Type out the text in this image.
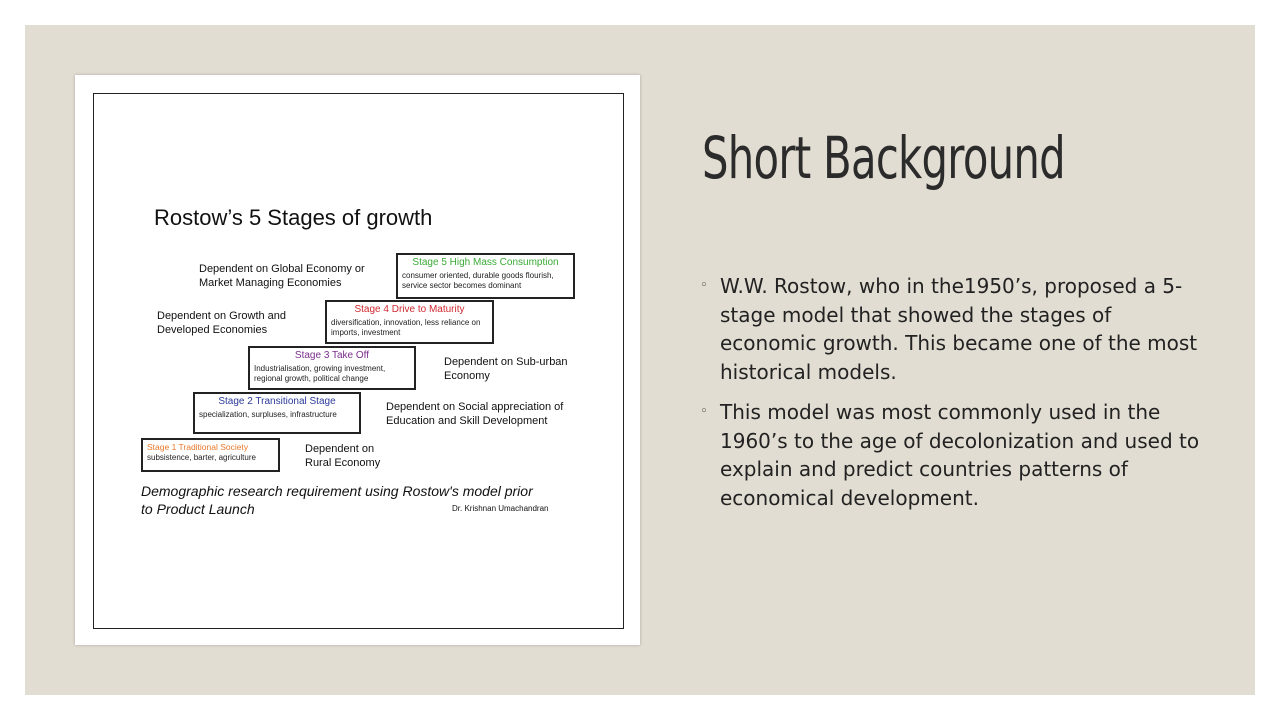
Rostow’s 5 Stages of growth
Stage 5 High Mass Consumption
consumer oriented, durable goods flourish, service sector becomes dominant
Stage 4 Drive to Maturity
diversification, innovation, less reliance on imports, investment
Stage 3 Take Off
Industrialisation, growing investment, regional growth, political change
Stage 2 Transitional Stage
specialization, surpluses, infrastructure
Stage 1 Traditional Society
subsistence, barter, agriculture
Dependent on Global Economy or
Market Managing Economies
Dependent on Growth and
Developed Economies
Dependent on Sub-urban
Economy
Dependent on Social appreciation of
Education and Skill Development
Dependent on
Rural Economy
Demographic research requirement using Rostow's model prior
to Product Launch	Dr. Krishnan Umachandran
Short Background
◦ W.W. Rostow, who in the1950’s, proposed a 5-stage model that showed the stages of economic growth. This became one of the most historical models.
◦ This model was most commonly used in the 1960’s to the age of decolonization and used to explain and predict countries patterns of economical development.
